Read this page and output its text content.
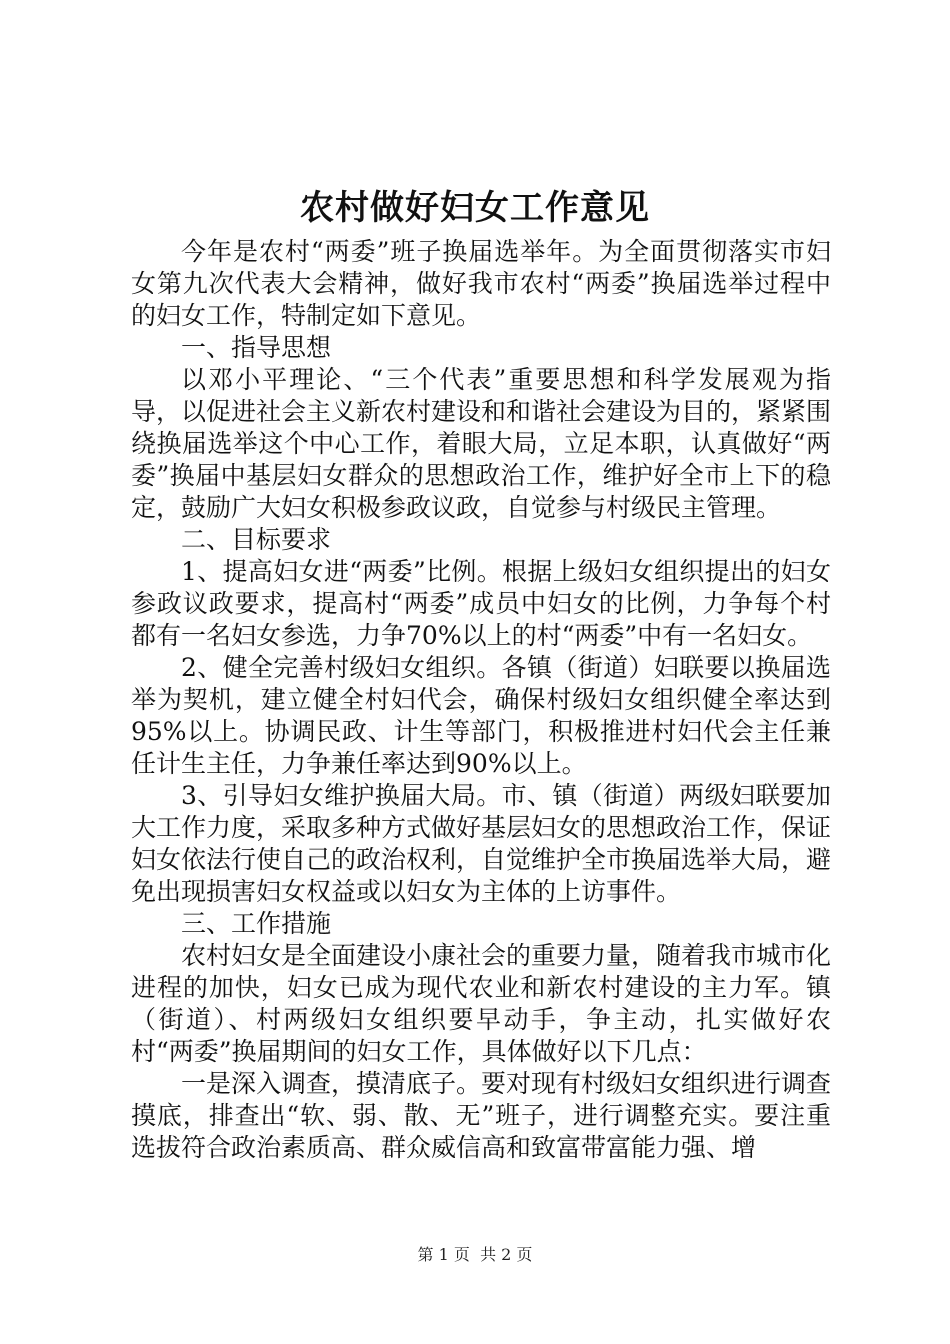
农村做好妇女工作意见

今年是农村“两委”班子换届选举年。为全面贯彻落实市妇女第九次代表大会精神，做好我市农村“两委”换届选举过程中的妇女工作，特制定如下意见。

一、指导思想

以邓小平理论、“三个代表”重要思想和科学发展观为指导，以促进社会主义新农村建设和和谐社会建设为目的，紧紧围绕换届选举这个中心工作，着眼大局，立足本职，认真做好“两委”换届中基层妇女群众的思想政治工作，维护好全市上下的稳定，鼓励广大妇女积极参政议政，自觉参与村级民主管理。

二、目标要求

1、提高妇女进“两委”比例。根据上级妇女组织提出的妇女参政议政要求，提高村“两委”成员中妇女的比例，力争每个村都有一名妇女参选，力争70%以上的村“两委”中有一名妇女。

2、健全完善村级妇女组织。各镇（街道）妇联要以换届选举为契机，建立健全村妇代会，确保村级妇女组织健全率达到95%以上。协调民政、计生等部门，积极推进村妇代会主任兼任计生主任，力争兼任率达到90%以上。

3、引导妇女维护换届大局。市、镇（街道）两级妇联要加大工作力度，采取多种方式做好基层妇女的思想政治工作，保证妇女依法行使自己的政治权利，自觉维护全市换届选举大局，避免出现损害妇女权益或以妇女为主体的上访事件。

三、工作措施

农村妇女是全面建设小康社会的重要力量，随着我市城市化进程的加快，妇女已成为现代农业和新农村建设的主力军。镇（街道）、村两级妇女组织要早动手，争主动，扎实做好农村“两委”换届期间的妇女工作，具体做好以下几点：

一是深入调查，摸清底子。要对现有村级妇女组织进行调查摸底，排查出“软、弱、散、无”班子，进行调整充实。要注重选拔符合政治素质高、群众威信高和致富带富能力强、增

第 1 页  共 2 页
